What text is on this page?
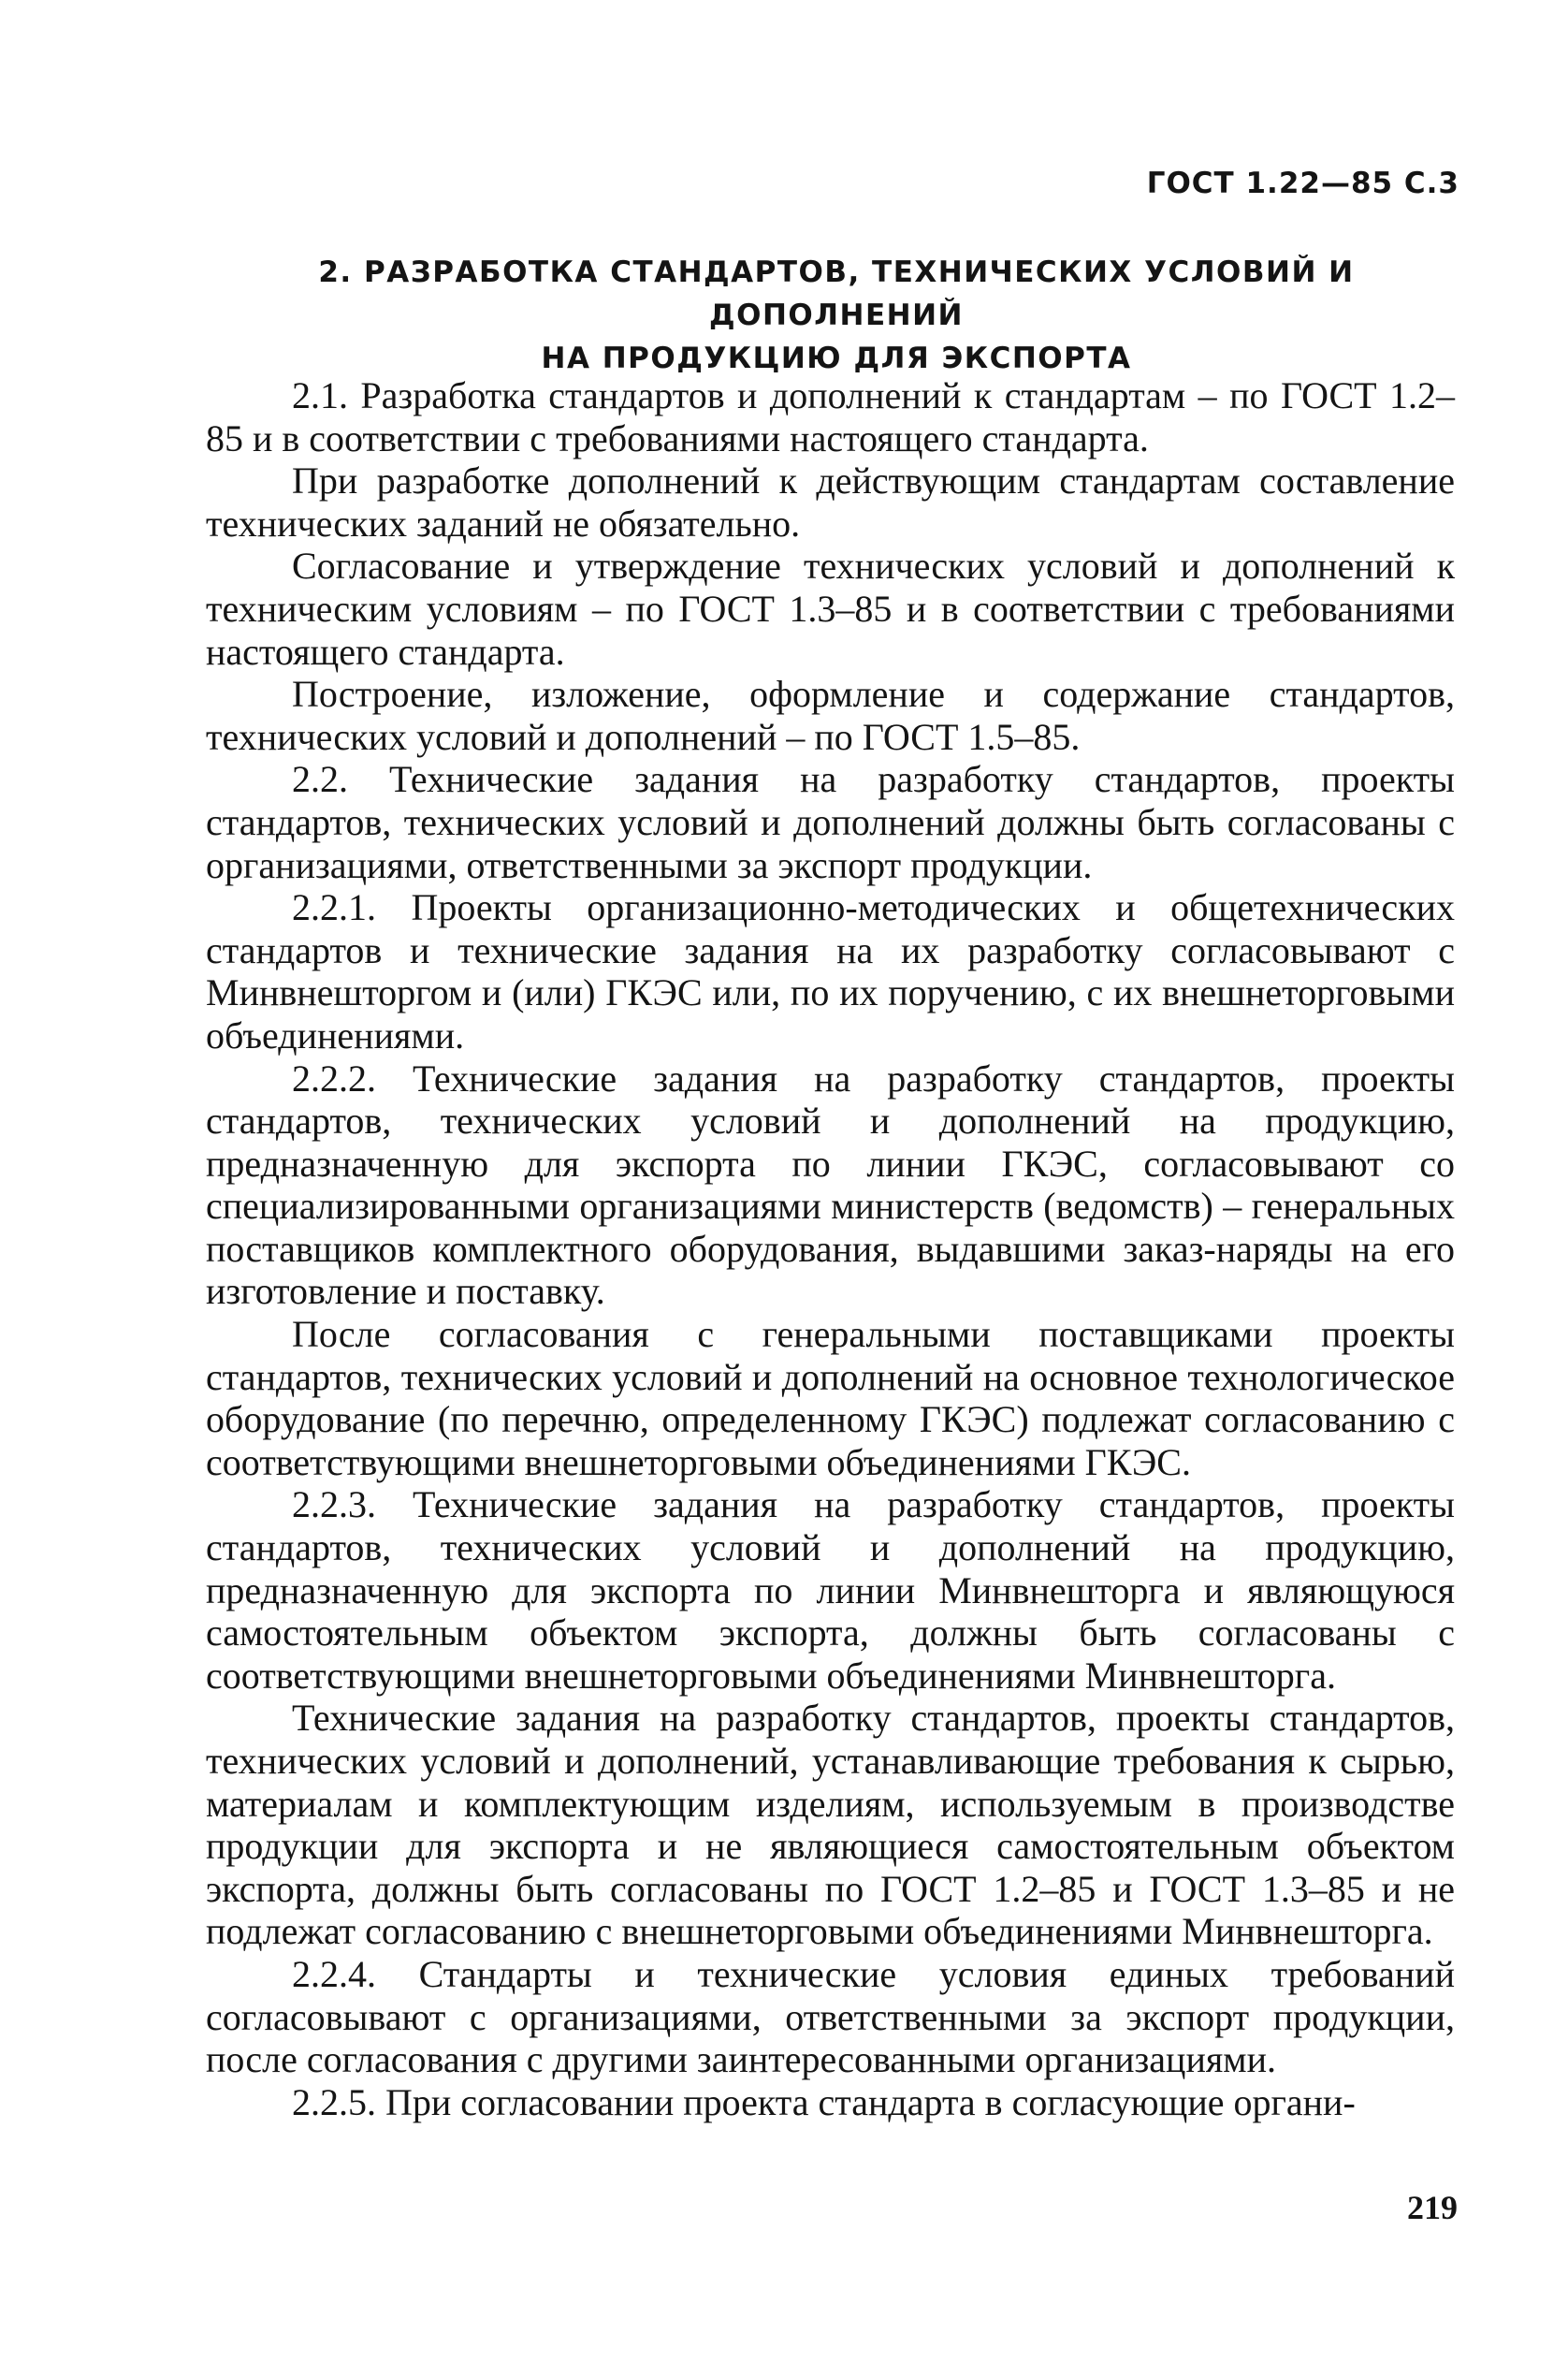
ГОСТ 1.22—85 С.3
2. РАЗРАБОТКА СТАНДАРТОВ, ТЕХНИЧЕСКИХ УСЛОВИЙ И ДОПОЛНЕНИЙ
НА ПРОДУКЦИЮ ДЛЯ ЭКСПОРТА

2.1. Разработка стандартов и дополнений к стандартам – по ГОСТ 1.2–85 и в соответствии с требованиями настоящего стандарта.

При разработке дополнений к действующим стандартам составление технических заданий не обязательно.

Согласование и утверждение технических условий и дополнений к техническим условиям – по ГОСТ 1.3–85 и в соответствии с требованиями настоящего стандарта.

Построение, изложение, оформление и содержание стандартов, технических условий и дополнений – по ГОСТ 1.5–85.

2.2. Технические задания на разработку стандартов, проекты стандартов, технических условий и дополнений должны быть согласованы с организациями, ответственными за экспорт продукции.

2.2.1. Проекты организационно-методических и общетехнических стандартов и технические задания на их разработку согласовывают с Минвнешторгом и (или) ГКЭС или, по их поручению, с их внешнеторговыми объединениями.

2.2.2. Технические задания на разработку стандартов, проекты стандартов, технических условий и дополнений на продукцию, предназначенную для экспорта по линии ГКЭС, согласовывают со специализированными организациями министерств (ведомств) – генеральных поставщиков комплектного оборудования, выдавшими заказ-наряды на его изготовление и поставку.

После согласования с генеральными поставщиками проекты стандартов, технических условий и дополнений на основное технологическое оборудование (по перечню, определенному ГКЭС) подлежат согласованию с соответствующими внешнеторговыми объединениями ГКЭС.

2.2.3. Технические задания на разработку стандартов, проекты стандартов, технических условий и дополнений на продукцию, предназначенную для экспорта по линии Минвнешторга и являющуюся самостоятельным объектом экспорта, должны быть согласованы с соответствующими внешнеторговыми объединениями Минвнешторга.

Технические задания на разработку стандартов, проекты стандартов, технических условий и дополнений, устанавливающие требования к сырью, материалам и комплектующим изделиям, используемым в производстве продукции для экспорта и не являющиеся самостоятельным объектом экспорта, должны быть согласованы по ГОСТ 1.2–85 и ГОСТ 1.3–85 и не подлежат согласованию с внешнеторговыми объединениями Минвнешторга.

2.2.4. Стандарты и технические условия единых требований согласовывают с организациями, ответственными за экспорт продукции, после согласования с другими заинтересованными организациями.

2.2.5. При согласовании проекта стандарта в согласующие органи-

219
